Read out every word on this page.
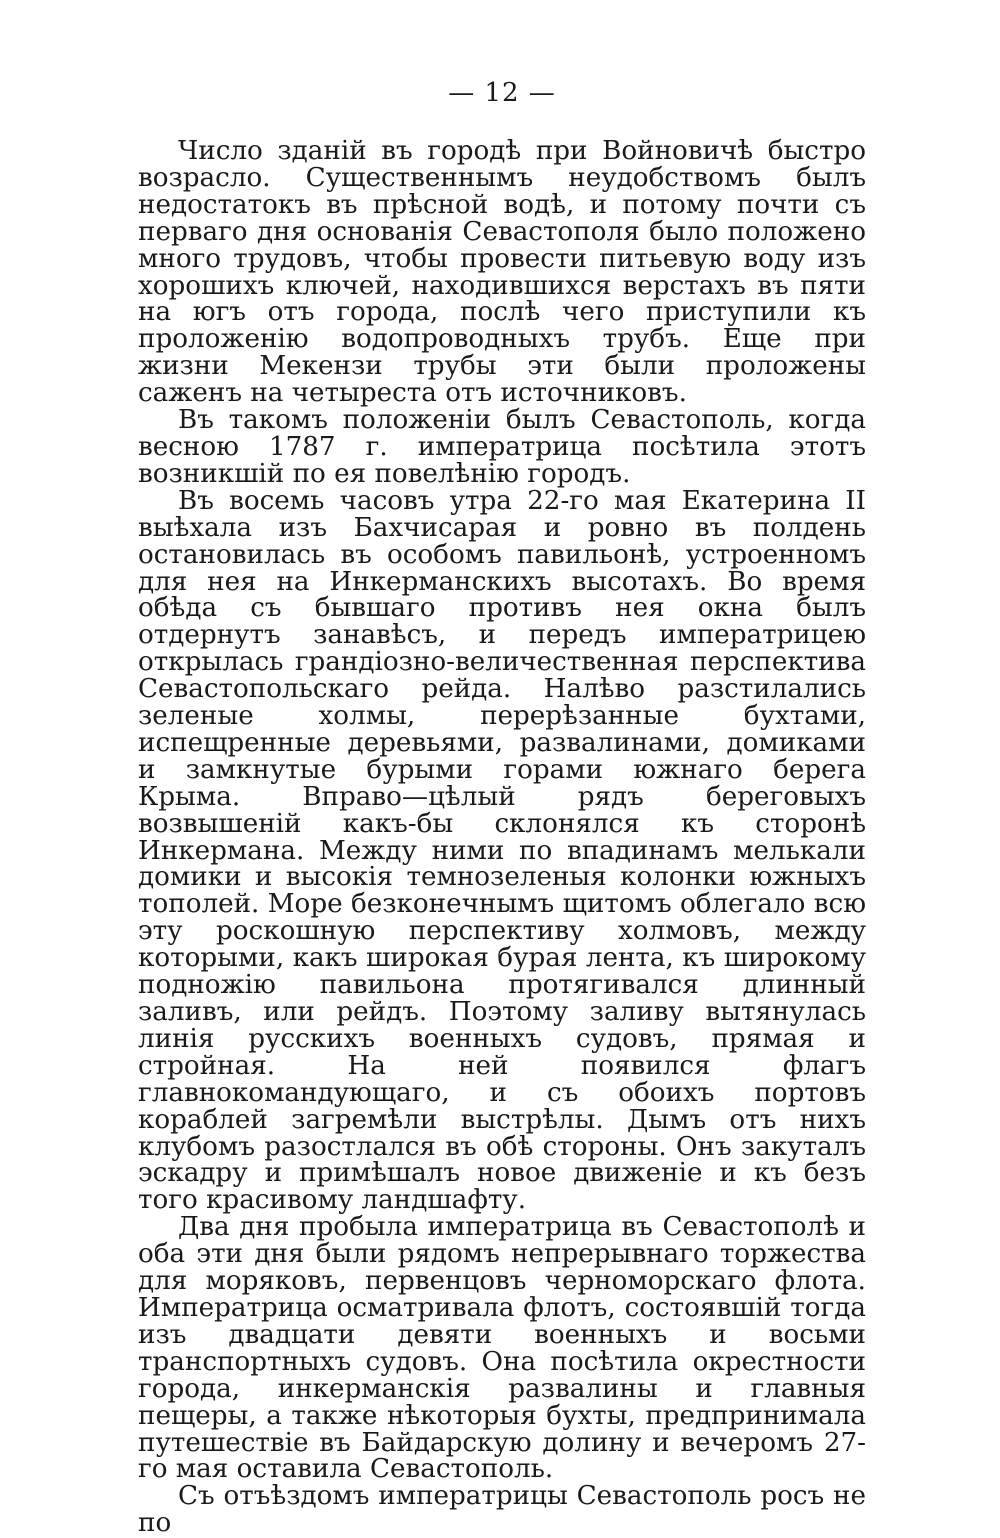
— 12 —

Число зданій въ городѣ при Войновичѣ быстро возрасло. Существеннымъ неудобствомъ былъ недостатокъ въ прѣсной водѣ, и потому почти съ перваго дня основанія Севастополя было положено много трудовъ, чтобы провести питьевую воду изъ хорошихъ ключей, находившихся верстахъ въ пяти на югъ отъ города, послѣ чего приступили къ проложенію водопроводныхъ трубъ. Еще при жизни Мекензи трубы эти были проложены саженъ на четыреста отъ источниковъ.

Въ такомъ положеніи былъ Севастополь, когда весною 1787 г. императрица посѣтила этотъ возникшій по ея повелѣнію городъ.

Въ восемь часовъ утра 22-го мая Екатерина II выѣхала изъ Бахчисарая и ровно въ полдень остановилась въ особомъ павильонѣ, устроенномъ для нея на Инкерманскихъ высотахъ. Во время обѣда съ бывшаго противъ нея окна былъ отдернутъ занавѣсъ, и передъ императрицею открылась грандіозно-величественная перспектива Севастопольскаго рейда. Налѣво разстилались зеленые холмы, перерѣзанные бухтами, испещренные деревьями, развалинами, домиками и замкнутые бурыми горами южнаго берега Крыма. Вправо—цѣлый рядъ береговыхъ возвышеній какъ-бы склонялся къ сторонѣ Инкермана. Между ними по впадинамъ мелькали домики и высокія темнозеленыя колонки южныхъ тополей. Море безконечнымъ щитомъ облегало всю эту роскошную перспективу холмовъ, между которыми, какъ широкая бурая лента, къ широкому подножію павильона протягивался длинный заливъ, или рейдъ. Поэтому заливу вытянулась линія русскихъ военныхъ судовъ, прямая и стройная. На ней появился флагъ главнокомандующаго, и съ обоихъ портовъ кораблей загремѣли выстрѣлы. Дымъ отъ нихъ клубомъ разостлался въ обѣ стороны. Онъ закуталъ эскадру и примѣшалъ новое движеніе и къ безъ того красивому ландшафту.

Два дня пробыла императрица въ Севастополѣ и оба эти дня были рядомъ непрерывнаго торжества для моряковъ, первенцовъ черноморскаго флота. Императрица осматривала флотъ, состоявшій тогда изъ двадцати девяти военныхъ и восьми транспортныхъ судовъ. Она посѣтила окрестности города, инкерманскія развалины и главныя пещеры, а также нѣкоторыя бухты, предпринимала путешествіе въ Байдарскую долину и вечеромъ 27-го мая оставила Севастополь.

Съ отъѣздомъ императрицы Севастополь росъ не по
